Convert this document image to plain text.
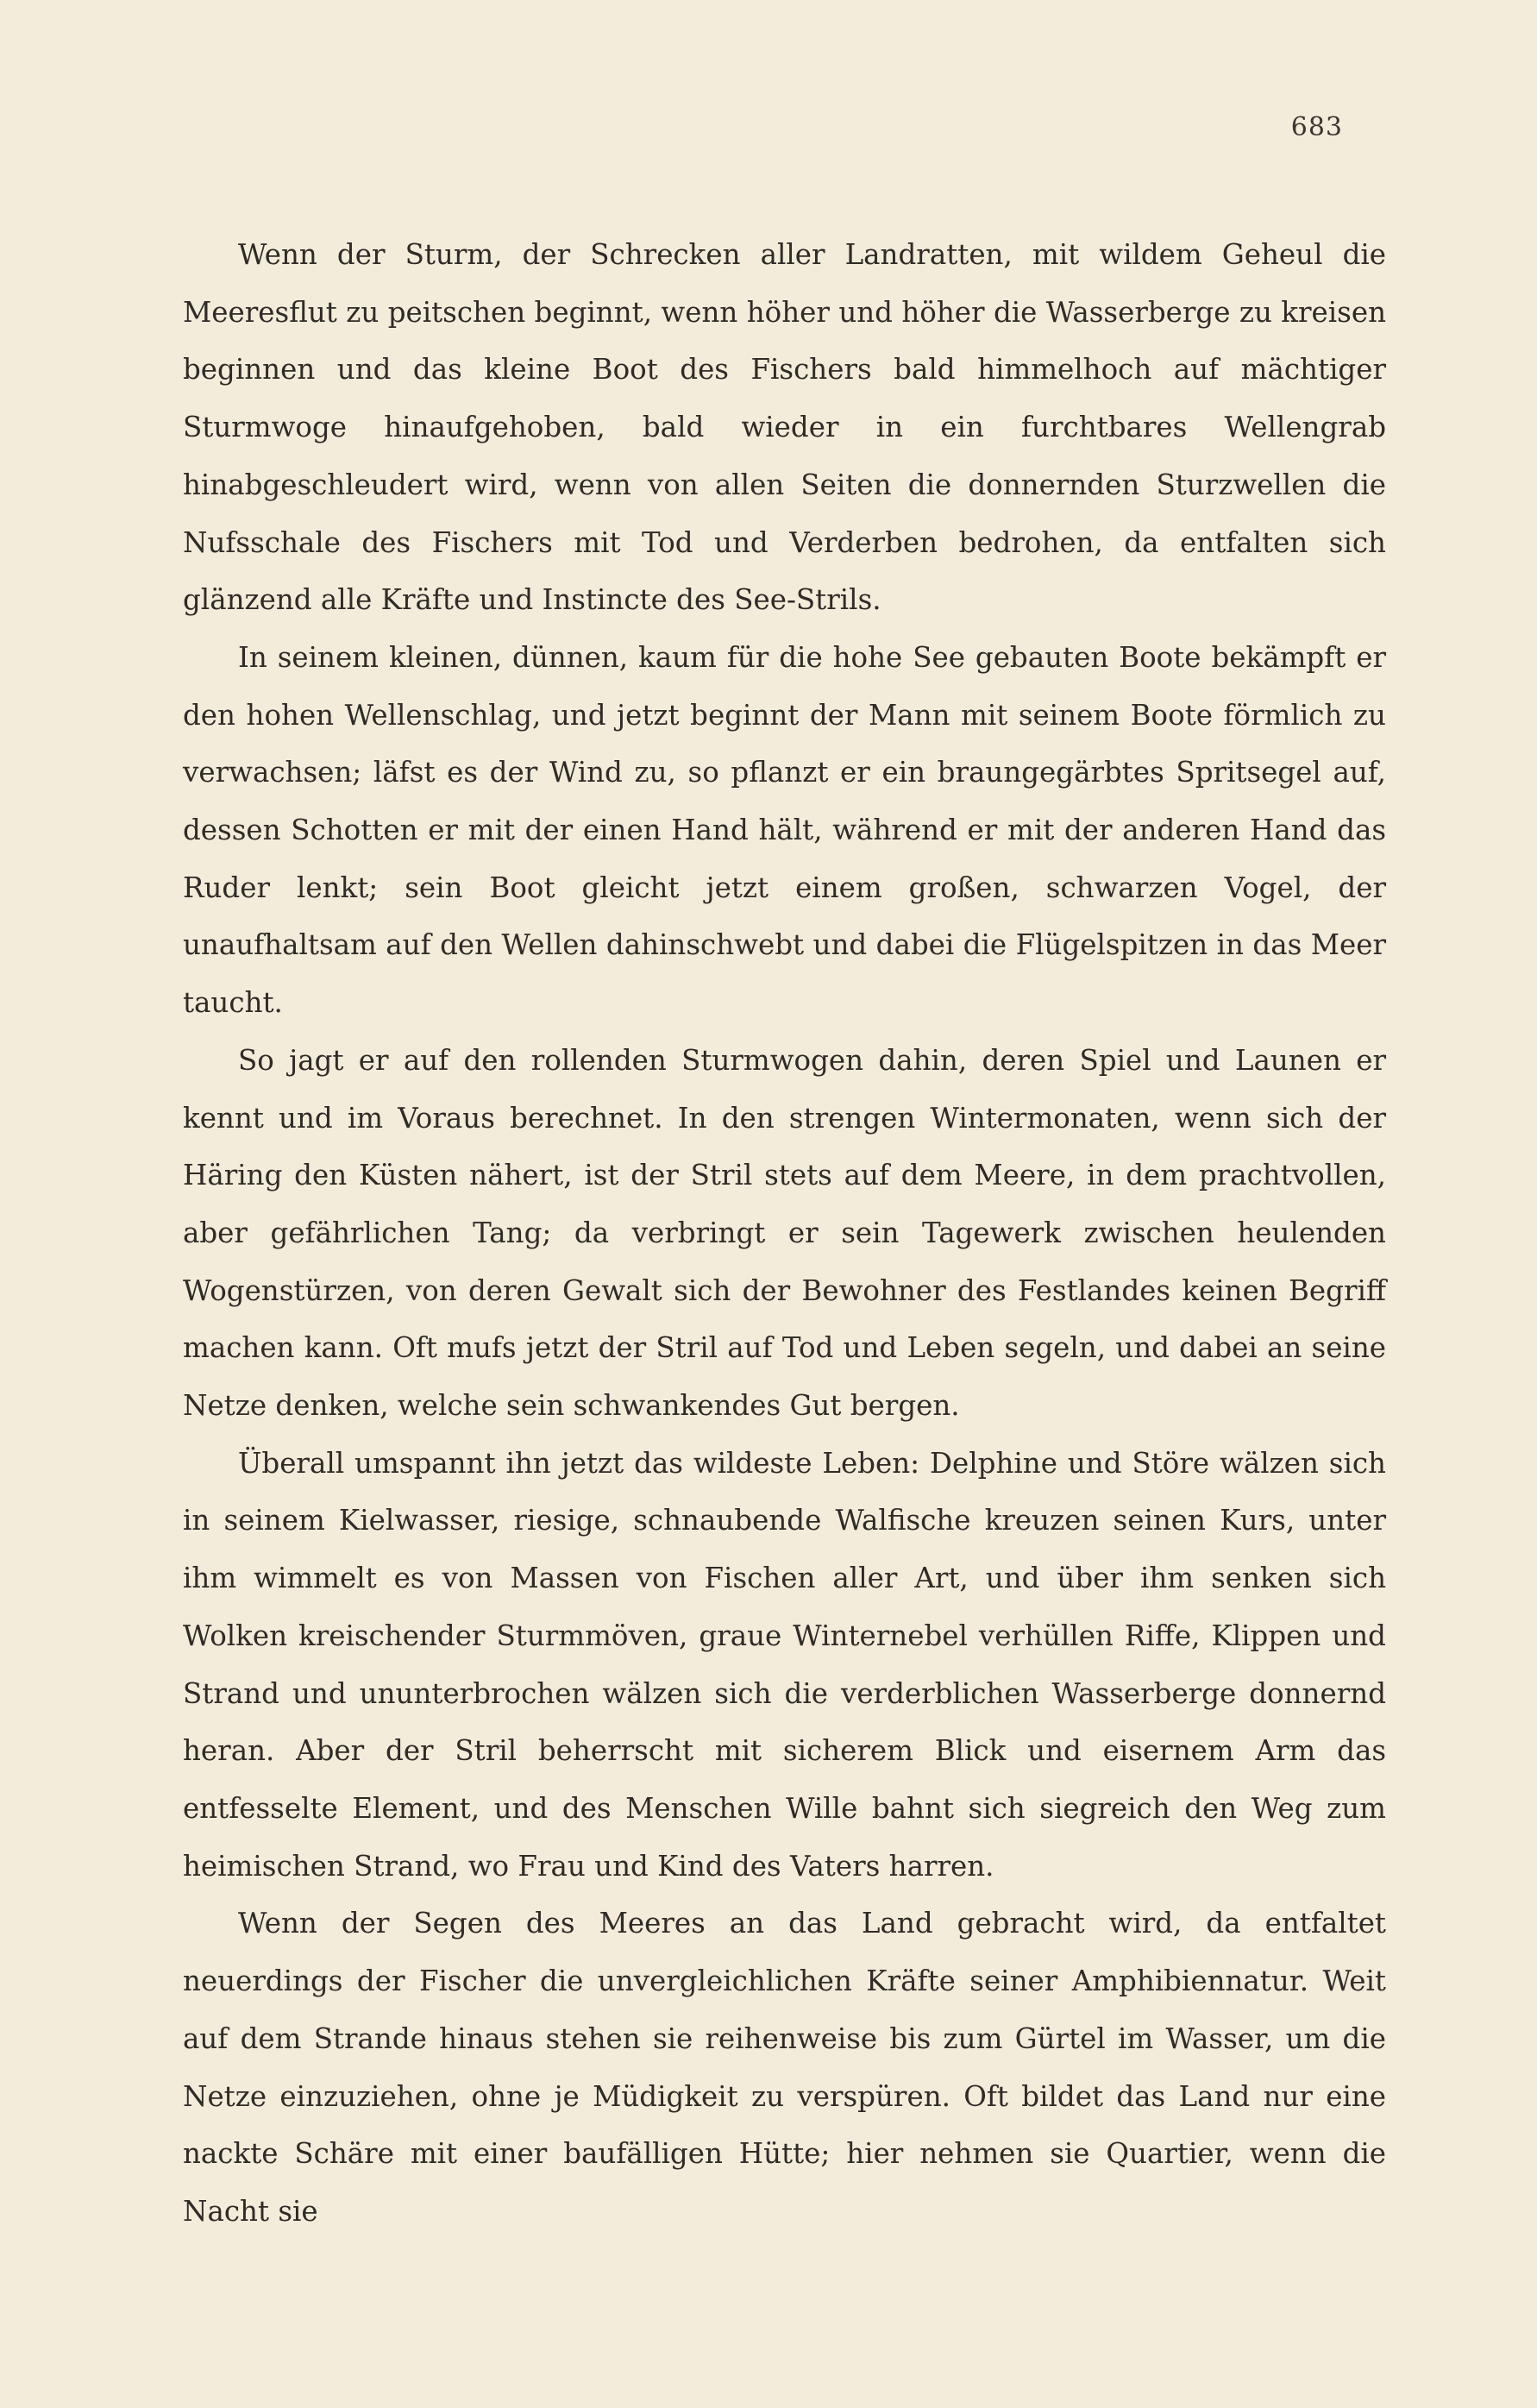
683

Wenn der Sturm, der Schrecken aller Landratten, mit wildem Geheul die Meeresflut zu peitschen beginnt, wenn höher und höher die Wasserberge zu kreisen beginnen und das kleine Boot des Fischers bald himmelhoch auf mächtiger Sturmwoge hinaufgehoben, bald wieder in ein furchtbares Wellengrab hinabgeschleudert wird, wenn von allen Seiten die donnernden Sturzwellen die Nufsschale des Fischers mit Tod und Verderben bedrohen, da entfalten sich glänzend alle Kräfte und Instincte des See-Strils.

In seinem kleinen, dünnen, kaum für die hohe See gebauten Boote bekämpft er den hohen Wellenschlag, und jetzt beginnt der Mann mit seinem Boote förmlich zu verwachsen; läfst es der Wind zu, so pflanzt er ein braungegärbtes Spritsegel auf, dessen Schotten er mit der einen Hand hält, während er mit der anderen Hand das Ruder lenkt; sein Boot gleicht jetzt einem großen, schwarzen Vogel, der unaufhaltsam auf den Wellen dahinschwebt und dabei die Flügelspitzen in das Meer taucht.

So jagt er auf den rollenden Sturmwogen dahin, deren Spiel und Launen er kennt und im Voraus berechnet. In den strengen Wintermonaten, wenn sich der Häring den Küsten nähert, ist der Stril stets auf dem Meere, in dem prachtvollen, aber gefährlichen Tang; da verbringt er sein Tagewerk zwischen heulenden Wogenstürzen, von deren Gewalt sich der Bewohner des Festlandes keinen Begriff machen kann. Oft mufs jetzt der Stril auf Tod und Leben segeln, und dabei an seine Netze denken, welche sein schwankendes Gut bergen.

Überall umspannt ihn jetzt das wildeste Leben: Delphine und Störe wälzen sich in seinem Kielwasser, riesige, schnaubende Walfische kreuzen seinen Kurs, unter ihm wimmelt es von Massen von Fischen aller Art, und über ihm senken sich Wolken kreischender Sturmmöven, graue Winternebel verhüllen Riffe, Klippen und Strand und ununterbrochen wälzen sich die verderblichen Wasserberge donnernd heran. Aber der Stril beherrscht mit sicherem Blick und eisernem Arm das entfesselte Element, und des Menschen Wille bahnt sich siegreich den Weg zum heimischen Strand, wo Frau und Kind des Vaters harren.

Wenn der Segen des Meeres an das Land gebracht wird, da entfaltet neuerdings der Fischer die unvergleichlichen Kräfte seiner Amphibiennatur. Weit auf dem Strande hinaus stehen sie reihenweise bis zum Gürtel im Wasser, um die Netze einzuziehen, ohne je Müdigkeit zu verspüren. Oft bildet das Land nur eine nackte Schäre mit einer baufälligen Hütte; hier nehmen sie Quartier, wenn die Nacht sie
